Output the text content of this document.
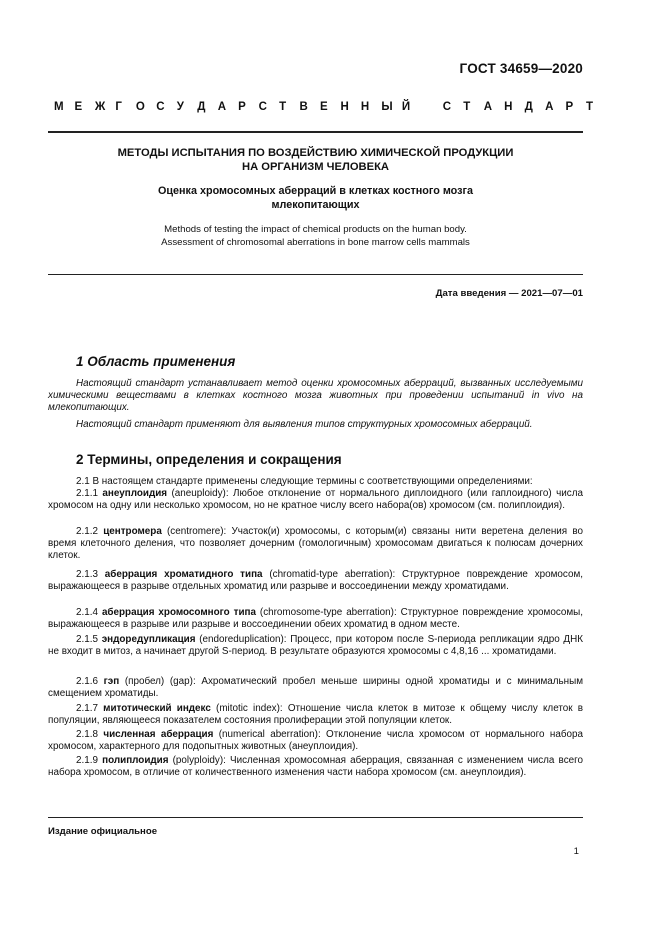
ГОСТ 34659—2020
М Е Ж Г О С У Д А Р С Т В Е Н Н Ы Й	С Т А Н Д А Р Т
МЕТОДЫ ИСПЫТАНИЯ ПО ВОЗДЕЙСТВИЮ ХИМИЧЕСКОЙ ПРОДУКЦИИ
НА ОРГАНИЗМ ЧЕЛОВЕКА
Оценка хромосомных аберраций в клетках костного мозга
млекопитающих
Methods of testing the impact of chemical products on the human body.
Assessment of chromosomal aberrations in bone marrow cells mammals
Дата введения — 2021—07—01
1 Область применения

Настоящий стандарт устанавливает метод оценки хромосомных аберраций, вызванных исследуемыми химическими веществами в клетках костного мозга животных при проведении испытаний in vivo на млекопитающих.

Настоящий стандарт применяют для выявления типов структурных хромосомных аберраций.

2 Термины, определения и сокращения

2.1 В настоящем стандарте применены следующие термины с соответствующими определениями:

2.1.1 анеуплоидия (aneuploidy): Любое отклонение от нормального диплоидного (или гаплоидного) числа хромосом на одну или несколько хромосом, но не кратное числу всего набора(ов) хромосом (см. полиплоидия).

2.1.2 центромера (centromere): Участок(и) хромосомы, с которым(и) связаны нити веретена деления во время клеточного деления, что позволяет дочерним (гомологичным) хромосомам двигаться к полюсам дочерних клеток.

2.1.3 аберрация хроматидного типа (chromatid-type aberration): Структурное повреждение хромосом, выражающееся в разрыве отдельных хроматид или разрыве и воссоединении между хроматидами.

2.1.4 аберрация хромосомного типа (chromosome-type aberration): Структурное повреждение хромосомы, выражающееся в разрыве или разрыве и воссоединении обеих хроматид в одном месте.

2.1.5 эндоредупликация (endoreduplication): Процесс, при котором после S-периода репликации ядро ДНК не входит в митоз, а начинает другой S-период. В результате образуются хромосомы с 4,8,16 ... хроматидами.

2.1.6 гэп (пробел) (gap): Ахроматический пробел меньше ширины одной хроматиды и с минимальным смещением хроматиды.

2.1.7 митотический индекс (mitotic index): Отношение числа клеток в митозе к общему числу клеток в популяции, являющееся показателем состояния пролиферации этой популяции клеток.

2.1.8 численная аберрация (numerical aberration): Отклонение числа хромосом от нормального набора хромосом, характерного для подопытных животных (анеуплоидия).

2.1.9 полиплоидия (polyploidy): Численная хромосомная аберрация, связанная с изменением числа всего набора хромосом, в отличие от количественного изменения части набора хромосом (см. анеуплоидия).

Издание официальное
1
